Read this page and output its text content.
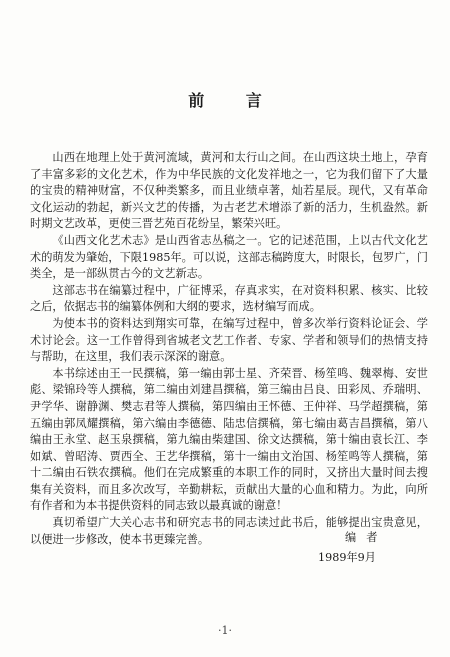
前 言

山西在地理上处于黄河流域，黄河和太行山之间。在山西这块土地上，孕育了丰富多彩的文化艺术，作为中华民族的文化发祥地之一，它为我们留下了大量的宝贵的精神财富，不仅种类繁多，而且业绩卓著，灿若星辰。现代，又有革命文化运动的勃起，新兴文艺的传播，为古老艺术增添了新的活力，生机盎然。新时期文艺改革，更使三晋艺苑百花纷呈，繁荣兴旺。

《山西文化艺术志》是山西省志丛稿之一。它的记述范围，上以古代文化艺术的萌发为肇始，下限1985年。可以说，这部志稿跨度大，时限长，包罗广，门类全，是一部纵贯古今的文艺新志。

这部志书在编纂过程中，广征博采，存真求实，在对资料积累、核实、比较之后，依据志书的编纂体例和大纲的要求，选材编写而成。

为使本书的资料达到翔实可靠，在编写过程中，曾多次举行资料论证会、学术讨论会。这一工作曾得到省城老文艺工作者、专家、学者和领导们的热情支持与帮助，在这里，我们表示深深的谢意。

本书综述由王一民撰稿，第一编由郭士星、齐荣晋、杨笙鸣、魏翠梅、安世彪、梁锦玲等人撰稿，第二编由刘建昌撰稿，第三编由吕良、田彩凤、乔瑞明、尹学华、谢静渊、樊志君等人撰稿，第四编由王怀德、王仲祥、马学超撰稿，第五编由郭凤耀撰稿，第六编由李德德、陆忠信撰稿，第七编由葛吉昌撰稿，第八编由王永堂、赵玉泉撰稿，第九编由柴建国、徐文达撰稿，第十编由袁长江、李如斌、曾昭涛、贾西全、王艺华撰稿，第十一编由文治国、杨笙鸣等人撰稿，第十二编由石铁农撰稿。他们在完成繁重的本职工作的同时，又挤出大量时间去搜集有关资料，而且多次改写，辛勤耕耘，贡献出大量的心血和精力。为此，向所有作者和为本书提供资料的同志致以最真诚的谢意！

真切希望广大关心志书和研究志书的同志读过此书后，能够提出宝贵意见，以便进一步修改，使本书更臻完善。	编者
1989年9月
·1·
